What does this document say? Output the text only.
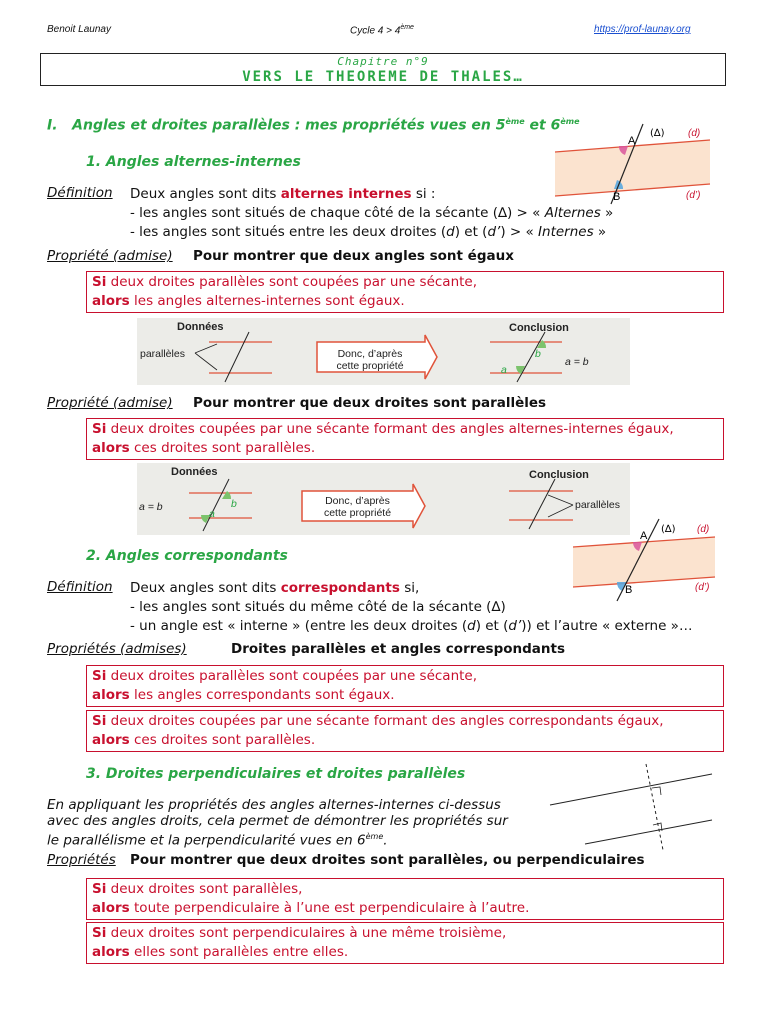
Benoit Launay	Cycle 4 > 4ème	https://prof-launay.org
Chapitre n°9
VERS LE THEOREME DE THALES…
I. Angles et droites parallèles : mes propriétés vues en 5ème et 6ème
A
B
(∆) (d)
(d’)
1. Angles alternes-internes
Définition Deux angles sont dits alternes internes si :
- les angles sont situés de chaque côté de la sécante (∆) > « Alternes »
- les angles sont situés entre les deux droites (d) et (d’) > « Internes »
Propriété (admise) Pour montrer que deux angles sont égaux
Si deux droites parallèles sont coupées par une sécante,
alors les angles alternes-internes sont égaux.
Données
parallèles
Conclusion
Donc, d’après
cette propriété
b
a
a = b
Propriété (admise) Pour montrer que deux droites sont parallèles
Si deux droites coupées par une sécante formant des angles alternes-internes égaux,
alors ces droites sont parallèles.
Données	Conclusion
a = b	b
a
Donc, d’après
cette propriété
parallèles
2. Angles correspondants
A
B
(∆) (d)
(d’)
Définition Deux angles sont dits correspondants si,
- les angles sont situés du même côté de la sécante (∆)
- un angle est « interne » (entre les deux droites (d) et (d’)) et l’autre « externe »…
Propriétés (admises)	Droites parallèles et angles correspondants
Si deux droites parallèles sont coupées par une sécante,
alors les angles correspondants sont égaux.
Si deux droites coupées par une sécante formant des angles correspondants égaux,
alors ces droites sont parallèles.
3. Droites perpendiculaires et droites parallèles
En appliquant les propriétés des angles alternes-internes ci-dessus
avec des angles droits, cela permet de démontrer les propriétés sur
le parallélisme et la perpendicularité vues en 6ème.
Propriétés Pour montrer que deux droites sont parallèles, ou perpendiculaires
Si deux droites sont parallèles,
alors toute perpendiculaire à l’une est perpendiculaire à l’autre.
Si deux droites sont perpendiculaires à une même troisième,
alors elles sont parallèles entre elles.
